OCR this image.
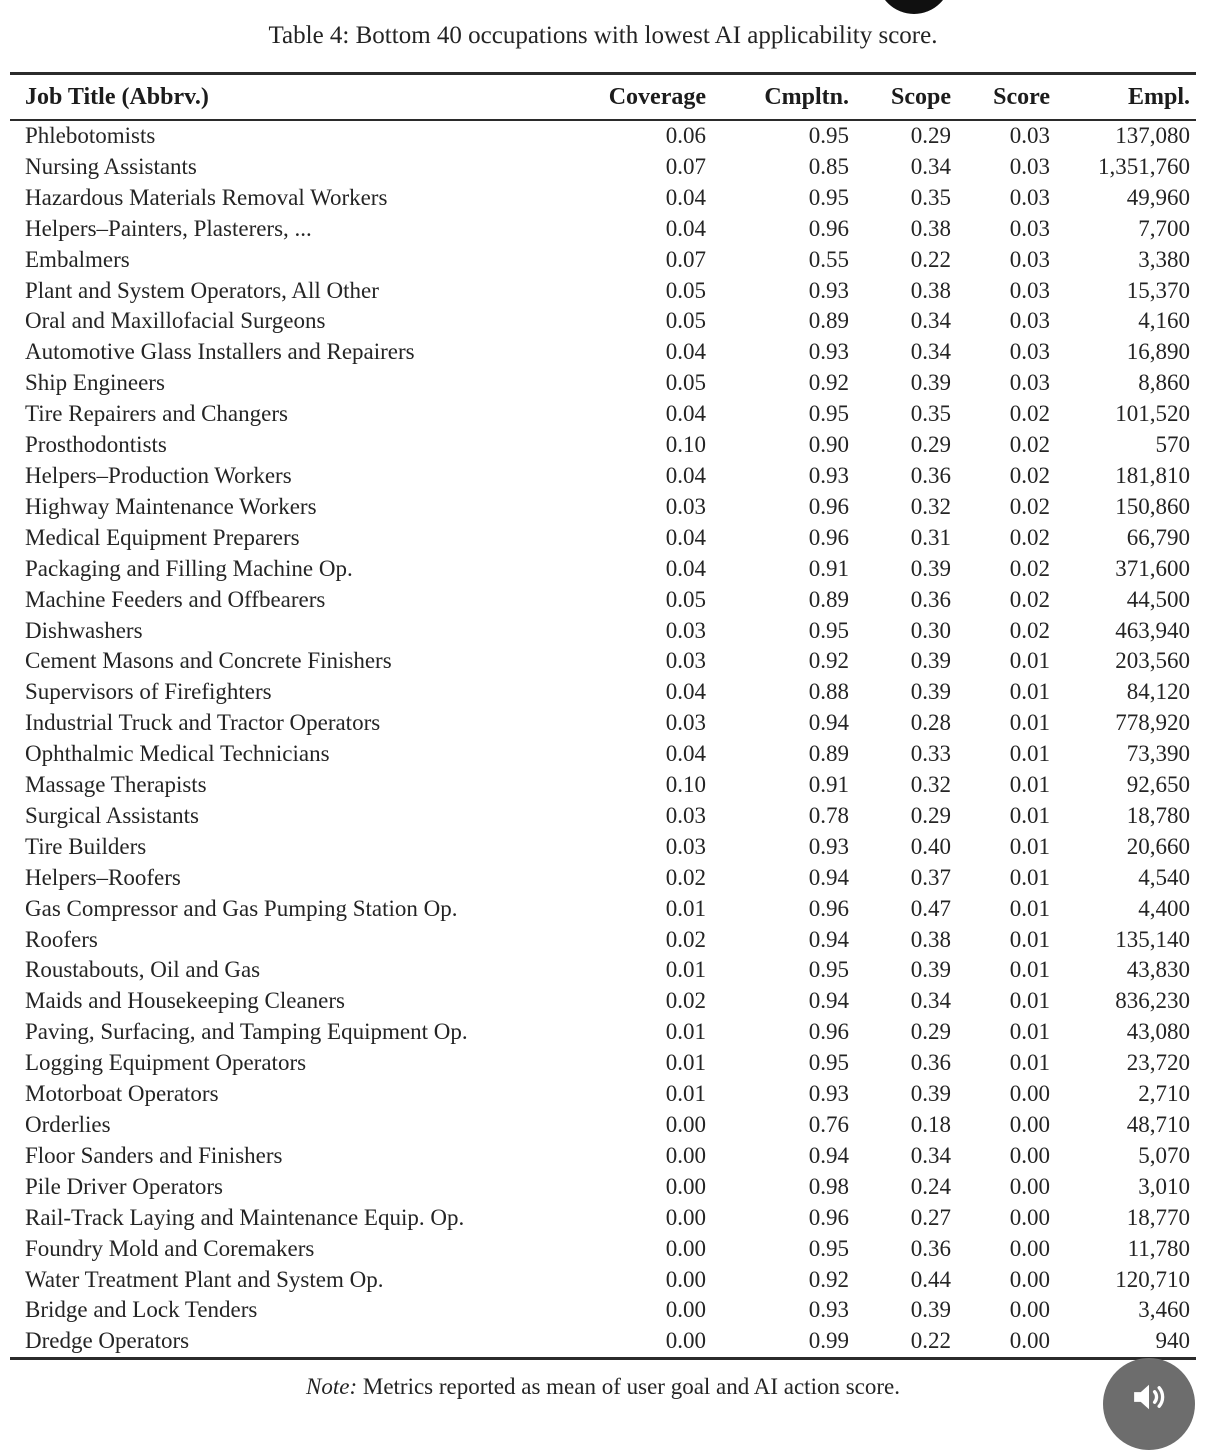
Table 4: Bottom 40 occupations with lowest AI applicability score.
Job Title (Abbrv.)	Coverage	Cmpltn.	Scope	Score	Empl.
Phlebotomists	0.06	0.95	0.29	0.03	137,080
Nursing Assistants	0.07	0.85	0.34	0.03	1,351,760
Hazardous Materials Removal Workers	0.04	0.95	0.35	0.03	49,960
Helpers–Painters, Plasterers, ...	0.04	0.96	0.38	0.03	7,700
Embalmers	0.07	0.55	0.22	0.03	3,380
Plant and System Operators, All Other	0.05	0.93	0.38	0.03	15,370
Oral and Maxillofacial Surgeons	0.05	0.89	0.34	0.03	4,160
Automotive Glass Installers and Repairers	0.04	0.93	0.34	0.03	16,890
Ship Engineers	0.05	0.92	0.39	0.03	8,860
Tire Repairers and Changers	0.04	0.95	0.35	0.02	101,520
Prosthodontists	0.10	0.90	0.29	0.02	570
Helpers–Production Workers	0.04	0.93	0.36	0.02	181,810
Highway Maintenance Workers	0.03	0.96	0.32	0.02	150,860
Medical Equipment Preparers	0.04	0.96	0.31	0.02	66,790
Packaging and Filling Machine Op.	0.04	0.91	0.39	0.02	371,600
Machine Feeders and Offbearers	0.05	0.89	0.36	0.02	44,500
Dishwashers	0.03	0.95	0.30	0.02	463,940
Cement Masons and Concrete Finishers	0.03	0.92	0.39	0.01	203,560
Supervisors of Firefighters	0.04	0.88	0.39	0.01	84,120
Industrial Truck and Tractor Operators	0.03	0.94	0.28	0.01	778,920
Ophthalmic Medical Technicians	0.04	0.89	0.33	0.01	73,390
Massage Therapists	0.10	0.91	0.32	0.01	92,650
Surgical Assistants	0.03	0.78	0.29	0.01	18,780
Tire Builders	0.03	0.93	0.40	0.01	20,660
Helpers–Roofers	0.02	0.94	0.37	0.01	4,540
Gas Compressor and Gas Pumping Station Op.	0.01	0.96	0.47	0.01	4,400
Roofers	0.02	0.94	0.38	0.01	135,140
Roustabouts, Oil and Gas	0.01	0.95	0.39	0.01	43,830
Maids and Housekeeping Cleaners	0.02	0.94	0.34	0.01	836,230
Paving, Surfacing, and Tamping Equipment Op.	0.01	0.96	0.29	0.01	43,080
Logging Equipment Operators	0.01	0.95	0.36	0.01	23,720
Motorboat Operators	0.01	0.93	0.39	0.00	2,710
Orderlies	0.00	0.76	0.18	0.00	48,710
Floor Sanders and Finishers	0.00	0.94	0.34	0.00	5,070
Pile Driver Operators	0.00	0.98	0.24	0.00	3,010
Rail-Track Laying and Maintenance Equip. Op.	0.00	0.96	0.27	0.00	18,770
Foundry Mold and Coremakers	0.00	0.95	0.36	0.00	11,780
Water Treatment Plant and System Op.	0.00	0.92	0.44	0.00	120,710
Bridge and Lock Tenders	0.00	0.93	0.39	0.00	3,460
Dredge Operators	0.00	0.99	0.22	0.00	940
Note: Metrics reported as mean of user goal and AI action score.
